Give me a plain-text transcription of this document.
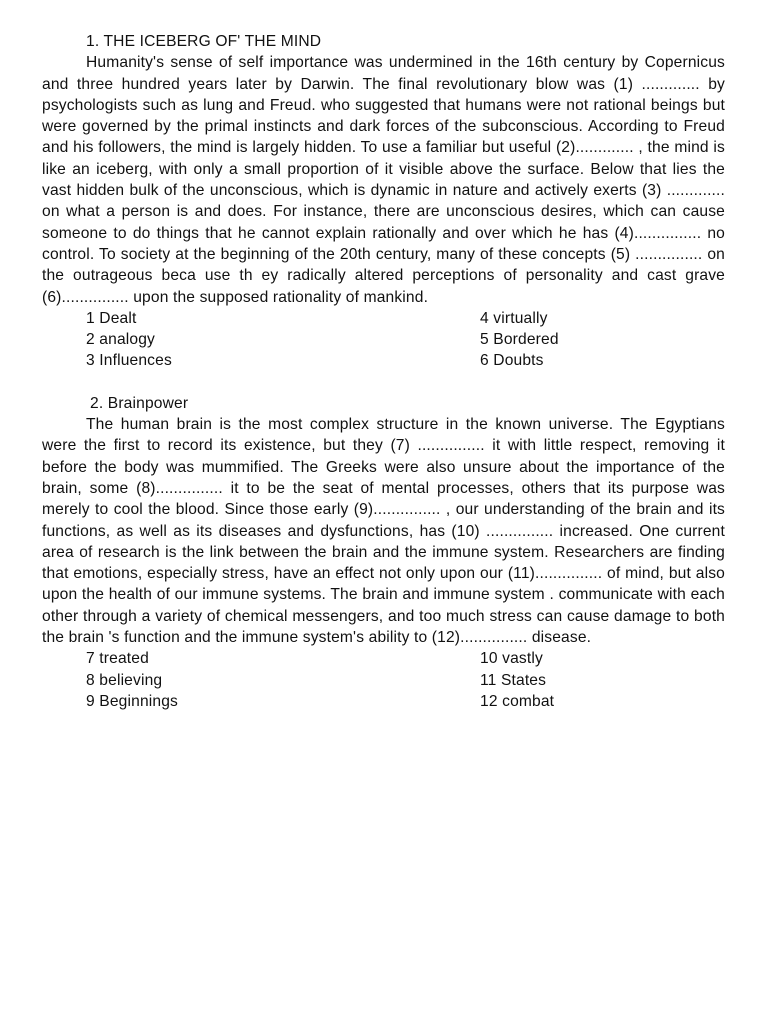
1. THE ICEBERG OF' THE MIND

Humanity's sense of self importance was undermined in the 16th century by Copernicus and three hundred years later by Darwin. The final revolutionary blow was (1) ............. by psychologists such as lung and Freud. who suggested that humans were not rational beings but were governed by the primal instincts and dark forces of the subconscious. According to Freud and his followers, the mind is largely hidden. To use a familiar but useful (2)............. , the mind is like an iceberg, with only a small proportion of it visible above the surface. Below that lies the vast hidden bulk of the unconscious, which is dynamic in nature and actively exerts (3) ............. on what a person is and does. For instance, there are unconscious desires, which can cause someone to do things that he cannot explain rationally and over which he has (4)............... no control. To society at the beginning of the 20th century, many of these concepts (5) ............... on the outrageous beca use th ey radically altered perceptions of personality and cast grave (6)............... upon the supposed rationality of mankind.

1 Dealt	4 virtually

2 analogy	5 Bordered

3 Influences	6 Doubts

2. Brainpower

The human brain is the most complex structure in the known universe. The Egyptians were the first to record its existence, but they (7) ............... it with little respect, removing it before the body was mummified. The Greeks were also unsure about the importance of the brain, some (8)............... it to be the seat of mental processes, others that its purpose was merely to cool the blood. Since those early (9)............... , our understanding of the brain and its functions, as well as its diseases and dysfunctions, has (10) ............... increased. One current area of research is the link between the brain and the immune system. Researchers are finding that emotions, especially stress, have an effect not only upon our (11)............... of mind, but also upon the health of our immune systems. The brain and immune system . communicate with each other through a variety of chemical messengers, and too much stress can cause damage to both the brain 's function and the immune system's ability to (12)............... disease.

7 treated	10 vastly

8 believing	11 States

9 Beginnings	12 combat
